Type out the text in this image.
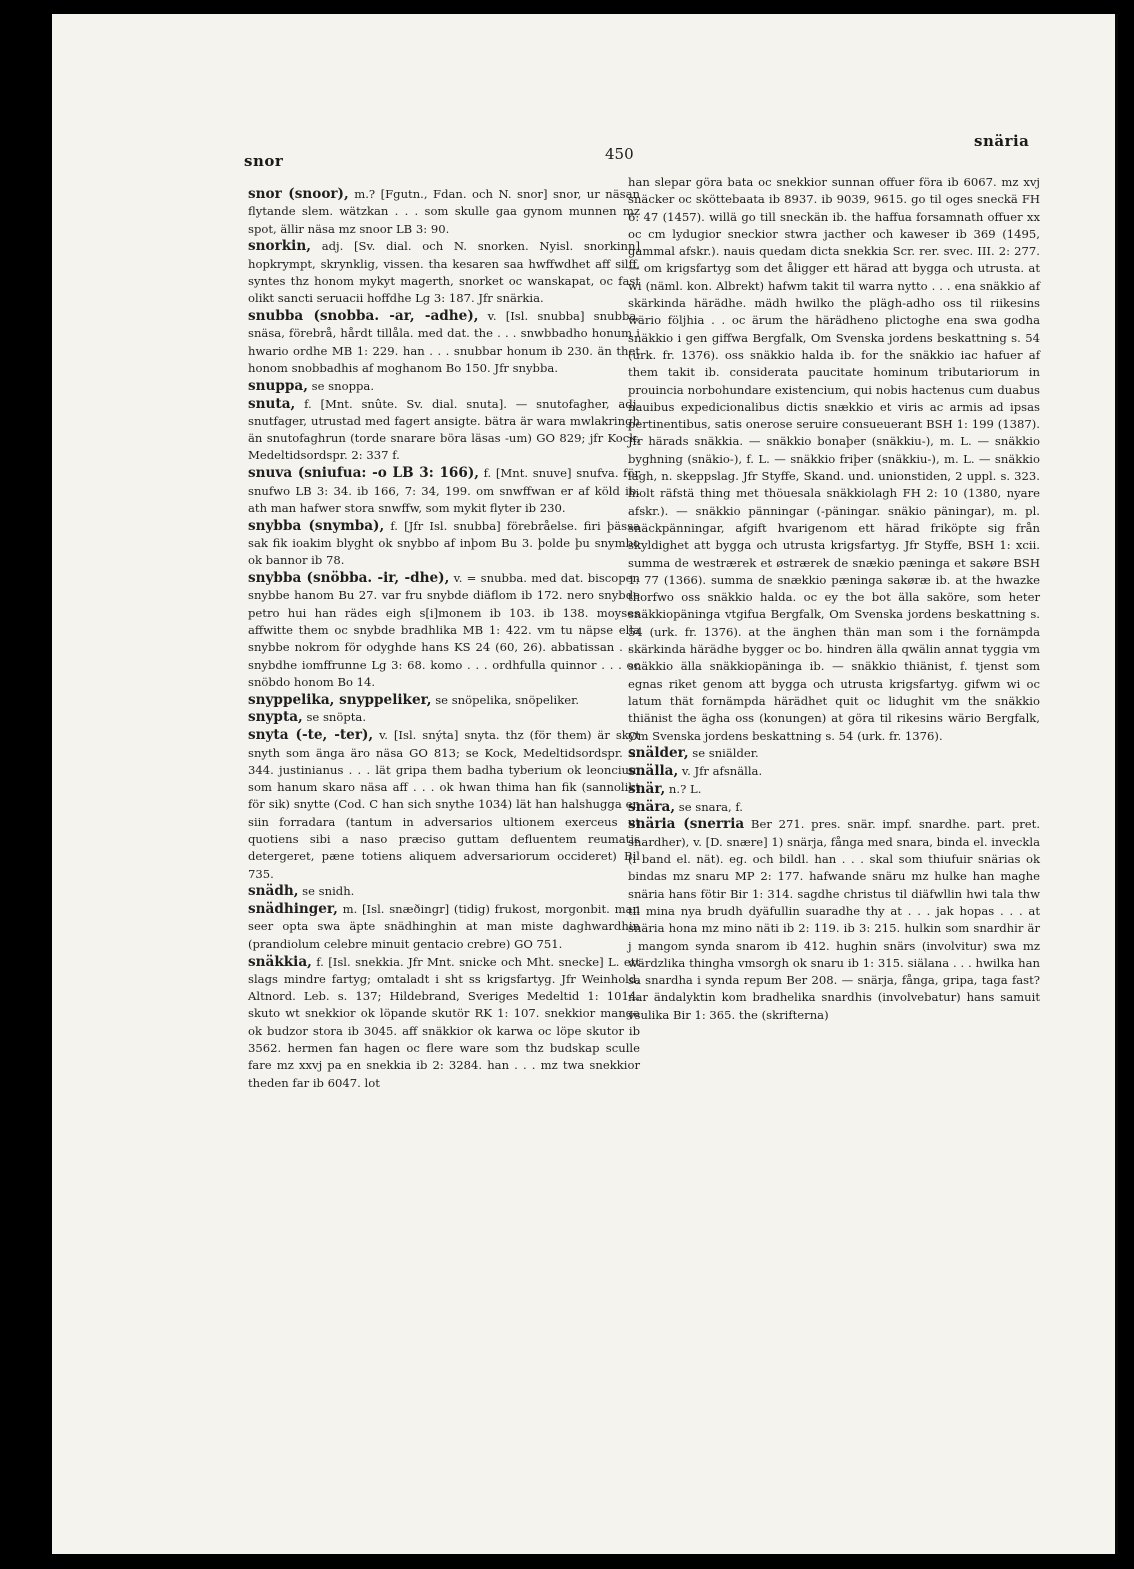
snor	450
snäria
snor (snoor), m.? [Fgutn., Fdan. och N. snor] snor, ur näsan flytande slem. wätzkan . . . som skulle gaa gynom munnen mz spot, ällir näsa mz snoor LB 3: 90.
snorkin, adj. [Sv. dial. och N. snorken. Nyisl. snorkinn] hopkrympt, skrynklig, vissen. tha kesaren saa hwffwdhet aff silff, syntes thz honom mykyt magerth, snorket oc wanskapat, oc fast olikt sancti seruacii hoffdhe Lg 3: 187. Jfr snärkia.
snubba (snobba. -ar, -adhe), v. [Isl. snubba] snubba, snäsa, förebrå, hårdt tillåla. med dat. the . . . snwbbadho honum i hwario ordhe MB 1: 229. han . . . snubbar honum ib 230. än thet honom snobbadhis af moghanom Bo 150. Jfr snybba.
snuppa, se snoppa.
snuta, f. [Mnt. snûte. Sv. dial. snuta]. — snutofagher, adj. snutfager, utrustad med fagert ansigte. bätra är wara mwlakringh än snutofaghrun (torde snarare böra läsas -um) GO 829; jfr Kock, Medeltidsordspr. 2: 337 f.
snuva (sniufua: -o LB 3: 166), f. [Mnt. snuve] snufva. för snufwo LB 3: 34. ib 166, 7: 34, 199. om snwffwan er af köld ib. ath man hafwer stora snwffw, som mykit flyter ib 230.
snybba (snymba), f. [Jfr Isl. snubba] förebråelse. firi þässa sak fik ioakim blyght ok snybbo af inþom Bu 3. þolde þu snymbo ok bannor ib 78.
snybba (snöbba. -ir, -dhe), v. = snubba. med dat. biscopen snybbe hanom Bu 27. var fru snybde diäflom ib 172. nero snybde petro hui han rädes eigh s[i]monem ib 103. ib 138. moyses affwitte them oc snybde bradhlika MB 1: 422. vm tu näpse ella snybbe nokrom för odyghde hans KS 24 (60, 26). abbatissan . . . snybdhe iomffrunne Lg 3: 68. komo . . . ordhfulla quinnor . . . oc snöbdo honom Bo 14.
snyppelika, snyppeliker, se snöpelika, snöpeliker.
snypta, se snöpta.
snyta (-te, -ter), v. [Isl. snýta] snyta. thz (för them) är skyt snyth som änga äro näsa GO 813; se Kock, Medeltidsordspr. 2: 344. justinianus . . . lät gripa them badha tyberium ok leoncium som hanum skaro näsa aff . . . ok hwan thima han fik (sannolikt för sik) snytte (Cod. C han sich snythe 1034) lät han halshugga en siin forradara (tantum in adversarios ultionem exerceus ut quotiens sibi a naso præciso guttam defluentem reumatis detergeret, pæne totiens aliquem adversariorum occideret) Bil 735.
snädh, se snidh.
snädhinger, m. [Isl. snæðingr] (tidig) frukost, morgonbit. man seer opta swa äpte snädhinghin at man miste daghwardhin (prandiolum celebre minuit gentacio crebre) GO 751.
snäkkia, f. [Isl. snekkia. Jfr Mnt. snicke och Mht. snecke] L. ett slags mindre fartyg; omtaladt i sht ss krigsfartyg. Jfr Weinhold, Altnord. Leb. s. 137; Hildebrand, Sveriges Medeltid 1: 1014. skuto wt snekkior ok löpande skutör RK 1: 107. snekkior manga ok budzor stora ib 3045. aff snäkkior ok karwa oc löpe skutor ib 3562. hermen fan hagen oc flere ware som thz budskap sculle fare mz xxvj pa en snekkia ib 2: 3284. han . . . mz twa snekkior theden far ib 6047. lot
han slepar göra bata oc snekkior sunnan offuer föra ib 6067. mz xvj snäcker oc sköttebaata ib 8937. ib 9039, 9615. go til oges sneckä FH 6: 47 (1457). willä go till sneckän ib. the haffua forsamnath offuer xx oc cm lydugior sneckior stwra jacther och kaweser ib 369 (1495, gammal afskr.). nauis quedam dicta snekkia Scr. rer. svec. III. 2: 277. — om krigsfartyg som det åligger ett härad att bygga och utrusta. at wi (näml. kon. Albrekt) hafwm takit til warra nytto . . . ena snäkkio af skärkinda härädhe. mädh hwilko the plägh-adho oss til riikesins wärio följhia . . oc ärum the härädheno plictoghe ena swa godha snäkkio i gen giffwa Bergfalk, Om Svenska jordens beskattning s. 54 (urk. fr. 1376). oss snäkkio halda ib. for the snäkkio iac hafuer af them takit ib. considerata paucitate hominum tributariorum in prouincia norbohundare existencium, qui nobis hactenus cum duabus nauibus expedicionalibus dictis snækkio et viris ac armis ad ipsas pertinentibus, satis onerose seruire consueuerant BSH 1: 199 (1387). Jfr härads snäkkia. — snäkkio bonaþer (snäkkiu-), m. L. — snäkkio byghning (snäkio-), f. L. — snäkkio friþer (snäkkiu-), m. L. — snäkkio lagh, n. skeppslag. Jfr Styffe, Skand. und. unionstiden, 2 uppl. s. 323. hiolt räfstä thing met thöuesala snäkkiolagh FH 2: 10 (1380, nyare afskr.). — snäkkio pänningar (-päningar. snäkio päningar), m. pl. snäckpänningar, afgift hvarigenom ett härad friköpte sig från skyldighet att bygga och utrusta krigsfartyg. Jfr Styffe, BSH 1: xcii. summa de westrærek et østrærek de snækio pæninga et sakøre BSH 1: 77 (1366). summa de snækkio pæninga sakøræ ib. at the hwazke thorfwo oss snäkkio halda. oc ey the bot älla saköre, som heter snäkkiopäninga vtgifua Bergfalk, Om Svenska jordens beskattning s. 54 (urk. fr. 1376). at the änghen thän man som i the fornämpda skärkinda härädhe bygger oc bo. hindren älla qwälin annat tyggia vm snäkkio älla snäkkiopäninga ib. — snäkkio thiänist, f. tjenst som egnas riket genom att bygga och utrusta krigsfartyg. gifwm wi oc latum thät fornämpda härädhet quit oc lidughit vm the snäkkio thiänist the ägha oss (konungen) at göra til rikesins wärio Bergfalk, Om Svenska jordens beskattning s. 54 (urk. fr. 1376).
snälder, se sniälder.
snälla, v. Jfr afsnälla.
snär, n.? L.
snära, se snara, f.
snäria (snerria Ber 271. pres. snär. impf. snardhe. part. pret. snardher), v. [D. snære] 1) snärja, fånga med snara, binda el. inveckla (i band el. nät). eg. och bildl. han . . . skal som thiufuir snärias ok bindas mz snaru MP 2: 177. hafwande snäru mz hulke han maghe snäria hans fötir Bir 1: 314. sagdhe christus til diäfwllin hwi tala thw til mina nya brudh dyäfullin suaradhe thy at . . . jak hopas . . . at snäria hona mz mino näti ib 2: 119. ib 3: 215. hulkin som snardhir är j mangom synda snarom ib 412. hughin snärs (involvitur) swa mz wärdzlika thingha vmsorgh ok snaru ib 1: 315. siälana . . . hwilka han sa snardha i synda repum Ber 208. — snärja, fånga, gripa, taga fast? nar ändalyktin kom bradhelika snardhis (involvebatur) hans samuit vsulika Bir 1: 365. the (skrifterna)
